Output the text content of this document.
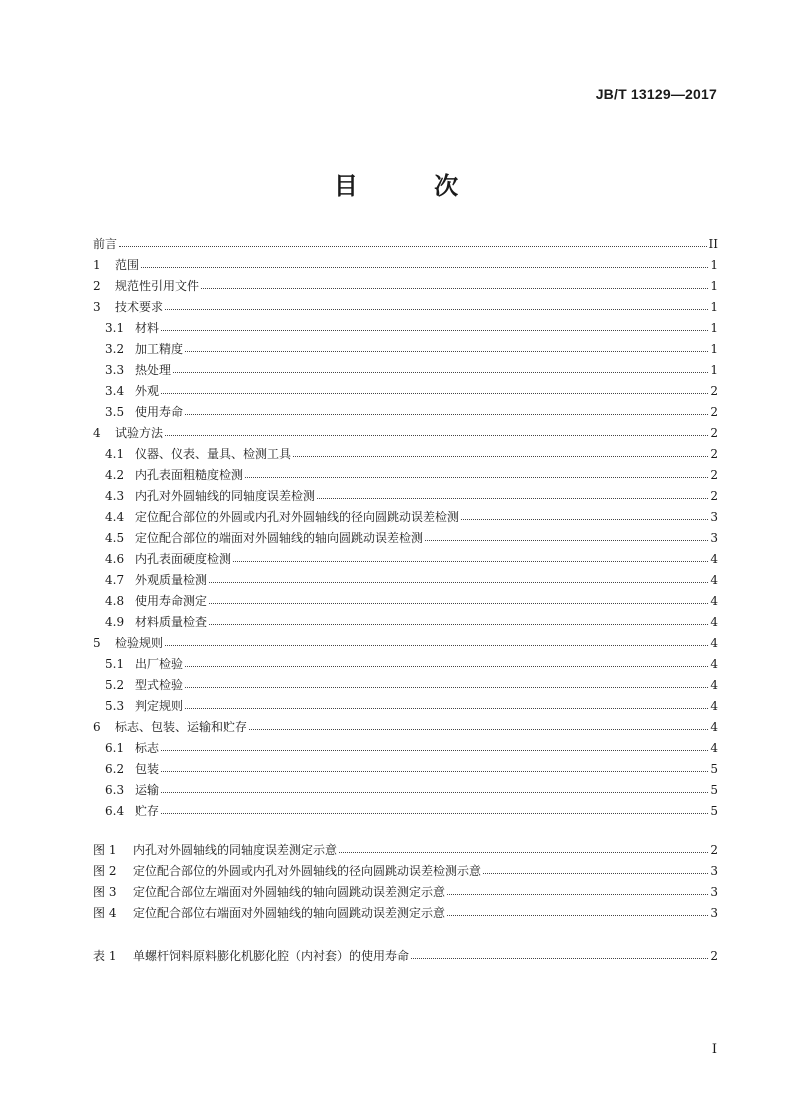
JB/T 13129—2017
目 次
前言	II
1	范围	1
2	规范性引用文件	1
3	技术要求	1
3.1 材料	1
3.2 加工精度	1
3.3 热处理	1
3.4 外观	2
3.5 使用寿命	2
4	试验方法	2
4.1 仪器、仪表、量具、检测工具	2
4.2 内孔表面粗糙度检测	2
4.3 内孔对外圆轴线的同轴度误差检测	2
4.4 定位配合部位的外圆或内孔对外圆轴线的径向圆跳动误差检测	3
4.5 定位配合部位的端面对外圆轴线的轴向圆跳动误差检测	3
4.6 内孔表面硬度检测	4
4.7 外观质量检测	4
4.8 使用寿命测定	4
4.9 材料质量检查	4
5	检验规则	4
5.1 出厂检验	4
5.2 型式检验	4
5.3 判定规则	4
6	标志、包装、运输和贮存	4
6.1 标志	4
6.2 包装	5
6.3 运输	5
6.4 贮存	5
图 1	内孔对外圆轴线的同轴度误差测定示意	2
图 2	定位配合部位的外圆或内孔对外圆轴线的径向圆跳动误差检测示意	3
图 3	定位配合部位左端面对外圆轴线的轴向圆跳动误差测定示意	3
图 4	定位配合部位右端面对外圆轴线的轴向圆跳动误差测定示意	3
表 1	单螺杆饲料原料膨化机膨化腔（内衬套）的使用寿命	2
I
